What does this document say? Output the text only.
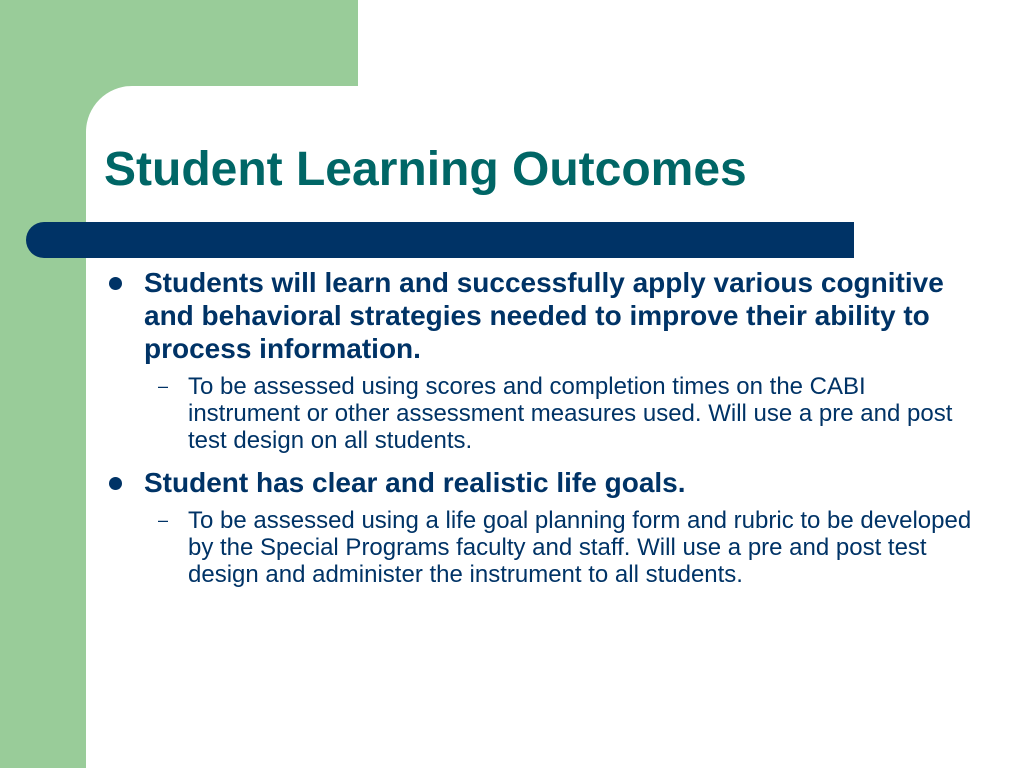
Student Learning Outcomes
Students will learn and successfully apply various cognitive and behavioral strategies needed to improve their ability to process information.
– To be assessed using scores and completion times on the CABI instrument or other assessment measures used. Will use a pre and post test design on all students.
Student has clear and realistic life goals.
– To be assessed using a life goal planning form and rubric to be developed by the Special Programs faculty and staff. Will use a pre and post test design and administer the instrument to all students.
